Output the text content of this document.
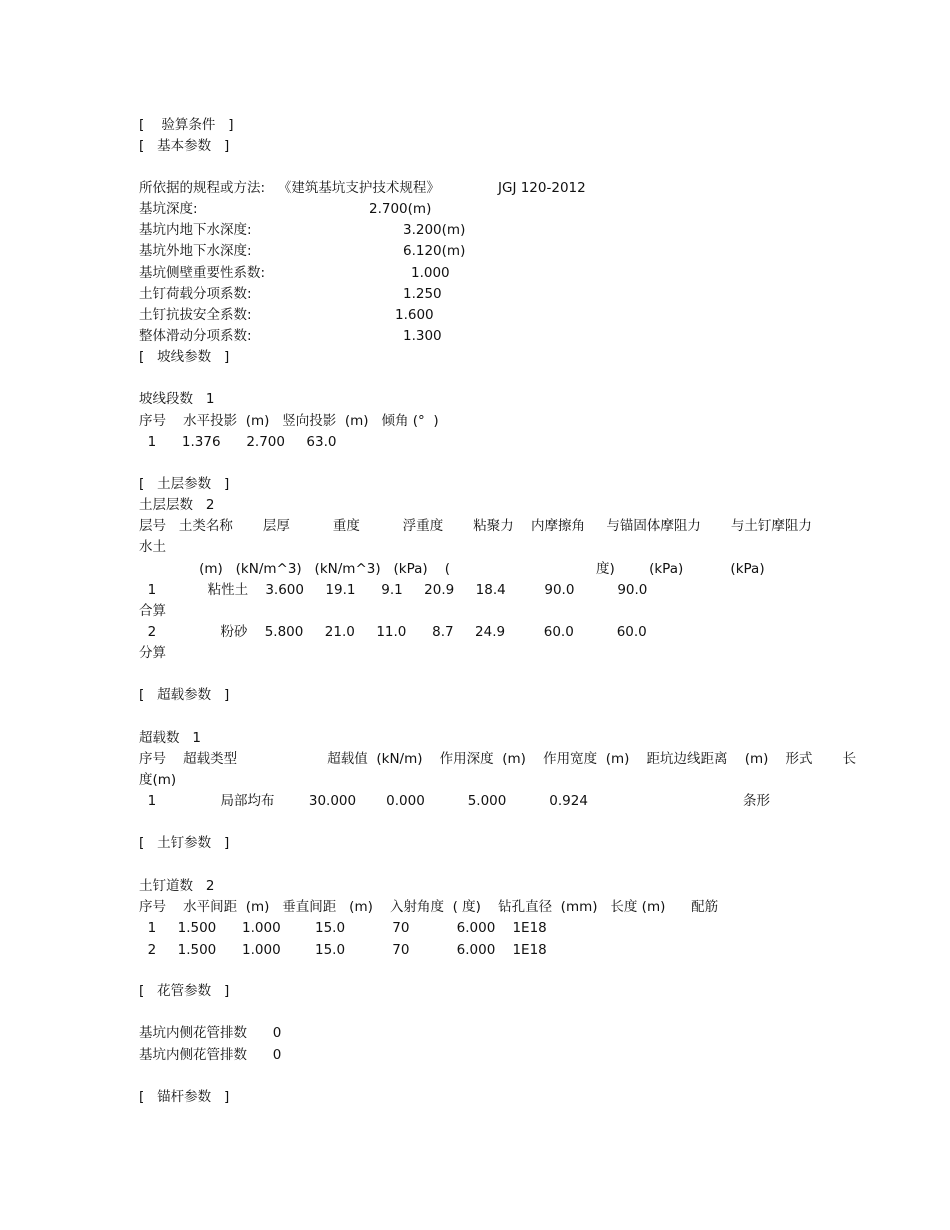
[    验算条件   ]
[   基本参数   ]
所依据的规程或方法:   《建筑基坑支护技术规程》	JGJ 120-2012
基坑深度:	2.700(m)
基坑内地下水深度:	3.200(m)
基坑外地下水深度:	6.120(m)
基坑侧壁重要性系数:	1.000
土钉荷载分项系数:	1.250
土钉抗拔安全系数:	1.600
整体滑动分项系数:	1.300
[   坡线参数   ]
坡线段数   1
序号    水平投影  (m)   竖向投影  (m)   倾角 (°  )
1      1.376      2.700     63.0
[   土层参数   ]
土层层数   2
层号   土类名称       层厚          重度          浮重度       粘聚力    内摩擦角     与锚固体摩阻力       与土钉摩阻力
水土
(m)   (kN/m^3)   (kN/m^3)   (kPa)    (                                  度)        (kPa)           (kPa)
1            粘性土    3.600     19.1      9.1     20.9     18.4         90.0          90.0
合算
2               粉砂    5.800     21.0     11.0      8.7     24.9         60.0          60.0
分算
[   超载参数   ]
超载数   1
序号    超载类型                     超载值  (kN/m)    作用深度  (m)    作用宽度  (m)    距坑边线距离    (m)    形式       长
度(m)
1               局部均布        30.000       0.000          5.000          0.924	条形
[   土钉参数   ]
土钉道数   2
序号    水平间距  (m)   垂直间距   (m)    入射角度  ( 度)    钻孔直径  (mm)   长度 (m)      配筋
1     1.500      1.000        15.0           70           6.000    1E18
2     1.500      1.000        15.0           70           6.000    1E18
[   花管参数   ]
基坑内侧花管排数      0
基坑内侧花管排数      0
[   锚杆参数   ]
